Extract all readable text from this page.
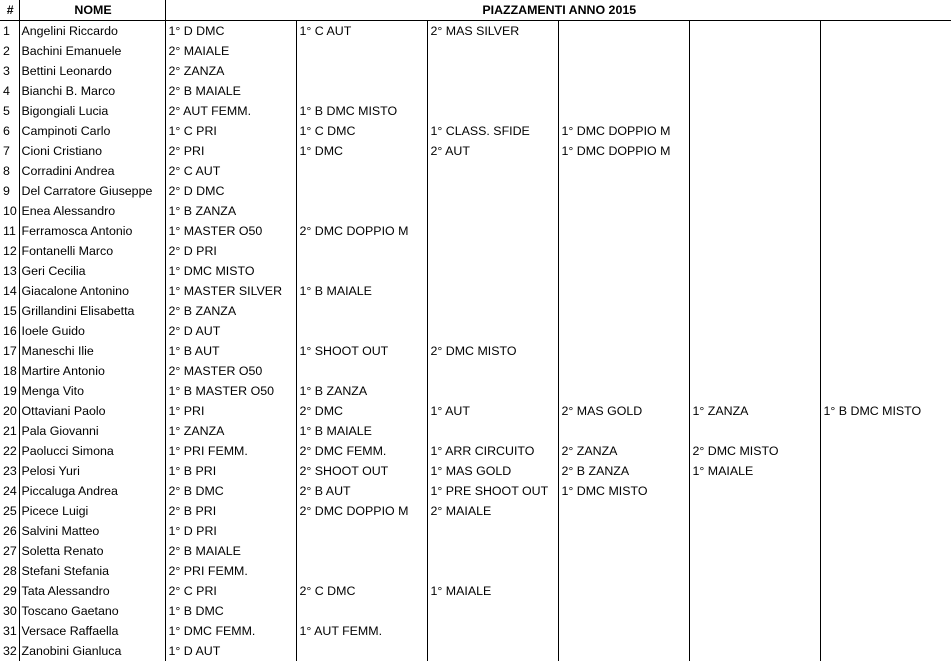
#	NOME	PIAZZAMENTI ANNO 2015					
1	Angelini Riccardo	1° D DMC	1° C AUT	2° MAS SILVER			
2	Bachini Emanuele	2° MAIALE					
3	Bettini Leonardo	2° ZANZA					
4	Bianchi B. Marco	2° B MAIALE					
5	Bigongiali Lucia	2° AUT FEMM.	1° B DMC MISTO				
6	Campinoti Carlo	1° C PRI	1° C DMC	1° CLASS. SFIDE	1° DMC DOPPIO M		
7	Cioni Cristiano	2° PRI	1° DMC	2° AUT	1° DMC DOPPIO M		
8	Corradini Andrea	2° C AUT					
9	Del Carratore Giuseppe	2° D DMC					
10	Enea Alessandro	1° B ZANZA					
11	Ferramosca Antonio	1° MASTER O50	2° DMC DOPPIO M				
12	Fontanelli Marco	2° D PRI					
13	Geri Cecilia	1° DMC MISTO					
14	Giacalone Antonino	1° MASTER SILVER	1° B MAIALE				
15	Grillandini Elisabetta	2° B ZANZA					
16	Ioele Guido	2° D AUT					
17	Maneschi Ilie	1° B AUT	1° SHOOT OUT	2° DMC MISTO			
18	Martire Antonio	2° MASTER O50					
19	Menga Vito	1° B MASTER O50	1° B ZANZA				
20	Ottaviani Paolo	1° PRI	2° DMC	1° AUT	2° MAS GOLD	1° ZANZA	1° B DMC MISTO
21	Pala Giovanni	1° ZANZA	1° B MAIALE				
22	Paolucci Simona	1° PRI FEMM.	2° DMC FEMM.	1° ARR CIRCUITO	2° ZANZA	2° DMC MISTO	
23	Pelosi Yuri	1° B PRI	2° SHOOT OUT	1° MAS GOLD	2° B ZANZA	1° MAIALE	
24	Piccaluga Andrea	2° B DMC	2° B AUT	1° PRE SHOOT OUT	1° DMC MISTO		
25	Picece Luigi	2° B PRI	2° DMC DOPPIO M	2° MAIALE			
26	Salvini Matteo	1° D PRI					
27	Soletta Renato	2° B MAIALE					
28	Stefani Stefania	2° PRI FEMM.					
29	Tata Alessandro	2° C PRI	2° C DMC	1° MAIALE			
30	Toscano Gaetano	1° B DMC					
31	Versace Raffaella	1° DMC FEMM.	1° AUT FEMM.				
32	Zanobini Gianluca	1° D AUT					
